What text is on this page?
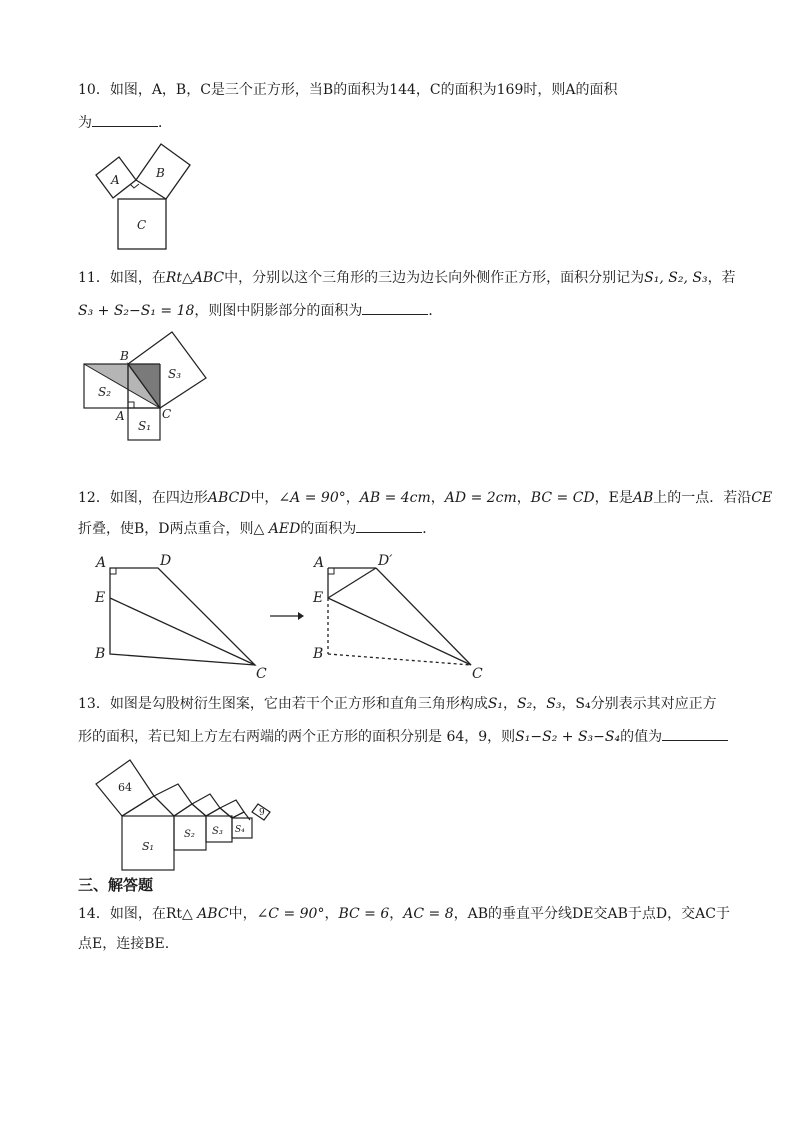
10．如图，A，B，C是三个正方形，当B的面积为144，C的面积为169时，则A的面积
为	．
A	B
C
11．如图，在Rt△ABC中，分别以这个三角形的三边为边长向外侧作正方形，面积分别记为S₁, S₂, S₃，若
S₃ + S₂−S₁ = 18，则图中阴影部分的面积为	．
B
C
A
S₁
S₂
S₃
12．如图，在四边形ABCD中，∠A = 90°，AB = 4cm，AD = 2cm，BC = CD，E是AB上的一点．若沿CE
折叠，使B，D两点重合，则△ AED的面积为	．
A	D
E
B
C
A	D′
E
B
C
13．如图是勾股树衍生图案，它由若干个正方形和直角三角形构成S₁，S₂，S₃，S₄分别表示其对应正方
形的面积，若已知上方左右两端的两个正方形的面积分别是 64，9，则S₁−S₂ + S₃−S₄的值为
64
9
S₁
S₂ S₃ S₄
三、解答题
14．如图，在Rt△ ABC中，∠C = 90°，BC = 6，AC = 8，AB的垂直平分线DE交AB于点D，交AC于
点E，连接BE.
